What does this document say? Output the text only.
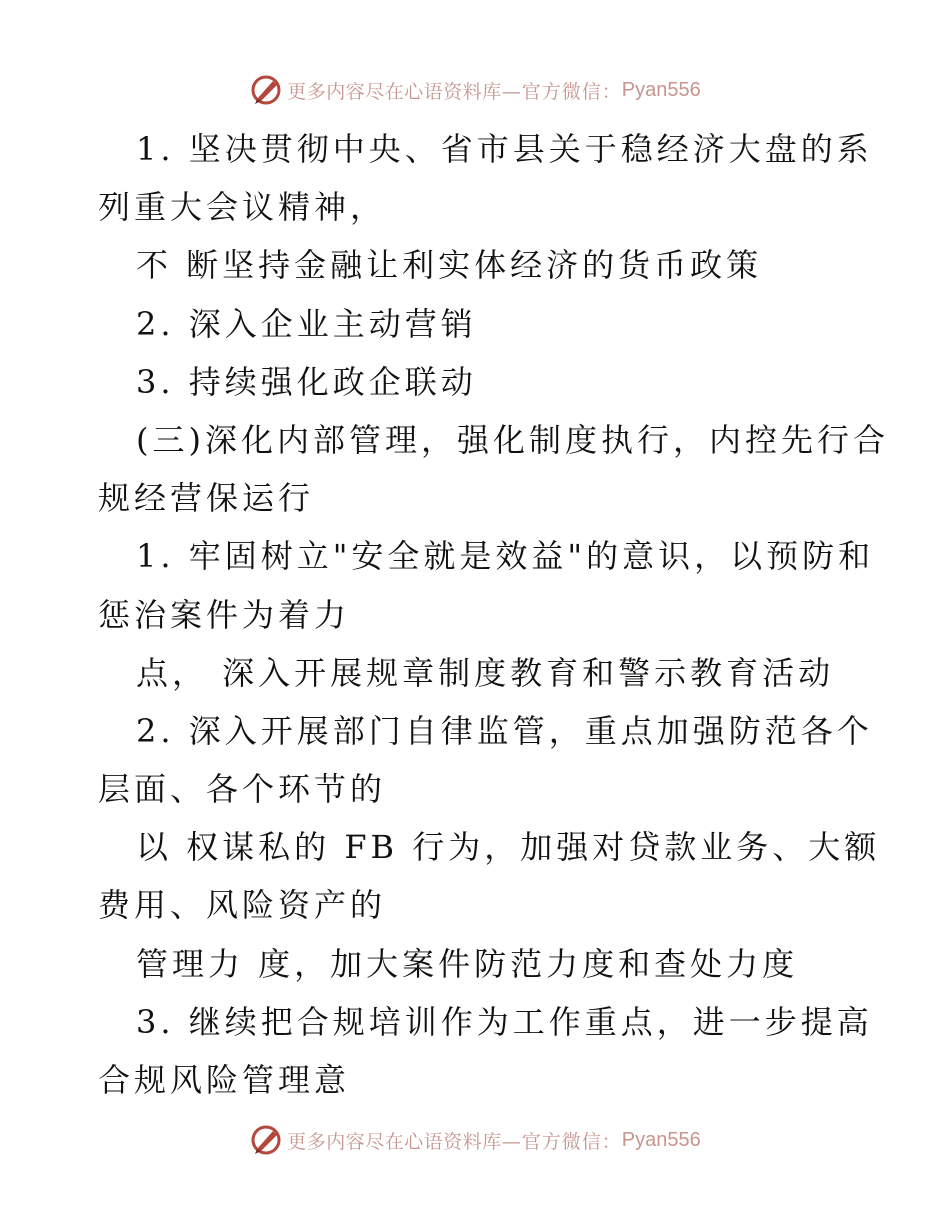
更多内容尽在心语资料库 —官方微信： Pyan556
1. 坚决贯彻中央、省市县关于稳经济大盘的系
列重大会议精神，
不 断坚持金融让利实体经济的货币政策
2. 深入企业主动营销
3. 持续强化政企联动
(三)深化内部管理，强化制度执行，内控先行合
规经营保运行
1. 牢固树立"安全就是效益"的意识，以预防和
惩治案件为着力
点， 深入开展规章制度教育和警示教育活动
2. 深入开展部门自律监管，重点加强防范各个
层面、各个环节的
以 权谋私的 FB 行为，加强对贷款业务、大额
费用、风险资产的
管理力 度，加大案件防范力度和查处力度
3. 继续把合规培训作为工作重点，进一步提高
合规风险管理意
更多内容尽在心语资料库 —官方微信： Pyan556
